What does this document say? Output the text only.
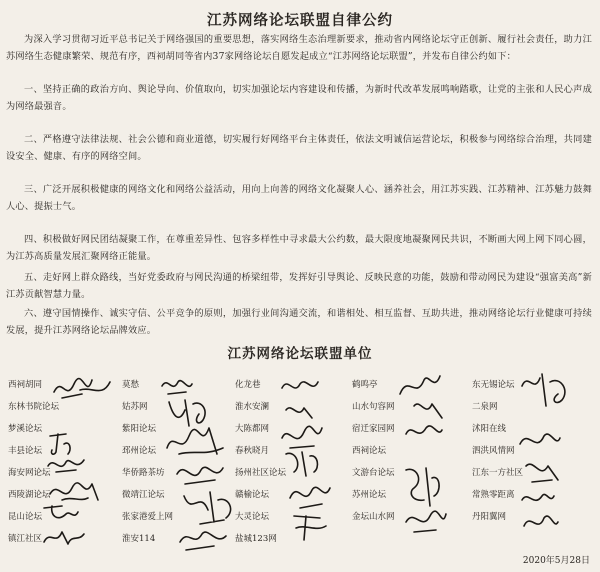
江苏网络论坛联盟自律公约
为深入学习贯彻习近平总书记关于网络强国的重要思想，落实网络生态治理新要求，推动省内网络论坛守正创新、履行社会责任，助力江苏网络生态健康繁荣、规范有序，西祠胡同等省内37家网络论坛自愿发起成立“江苏网络论坛联盟”，并发布自律公约如下：
一、坚持正确的政治方向、舆论导向、价值取向，切实加强论坛内容建设和传播，为新时代改革发展鸣响踏歌，让党的主张和人民心声成为网络最强音。
二、严格遵守法律法规、社会公德和商业道德，切实履行好网络平台主体责任，依法文明诚信运营论坛，积极参与网络综合治理，共同建设安全、健康、有序的网络空间。
三、广泛开展积极健康的网络文化和网络公益活动，用向上向善的网络文化凝聚人心、涵养社会，用江苏实践、江苏精神、江苏魅力鼓舞人心、提振士气。
四、积极做好网民团结凝聚工作，在尊重差异性、包容多样性中寻求最大公约数，最大限度地凝聚网民共识，不断画大网上网下同心圆，为江苏高质量发展汇聚网络正能量。
五、走好网上群众路线，当好党委政府与网民沟通的桥梁纽带，发挥好引导舆论、反映民意的功能，鼓励和带动网民为建设“强富美高”新江苏贡献智慧力量。
六、遵守国情操作、诚实守信、公平竞争的原则，加强行业间沟通交流，和谐相处、相互监督、互助共进，推动网络论坛行业健康可持续发展，提升江苏网络论坛品牌效应。
江苏网络论坛联盟单位
西祠胡同
东林书院论坛
梦溪论坛
丰县论坛
海安网论坛
西陵湖论坛
昆山论坛
镇江社区
莫愁
姑苏网
紫阳论坛
邳州论坛
华侨路茶坊
微靖江论坛
张家港爱上网
淮安114
化龙巷
淮水安澜
大陈都网
春秋晓月
扬州社区论坛
赣榆论坛
大灵论坛
盐城123网
鹤鸣亭
山水句容网
宿迁家园网
西祠论坛
文游台论坛
苏州论坛
金坛山水网
东无锡论坛
二泉网
沭阳在线
泗洪风情网
江东一方社区
常熟零距离
丹阳翼网
2020年5月28日
